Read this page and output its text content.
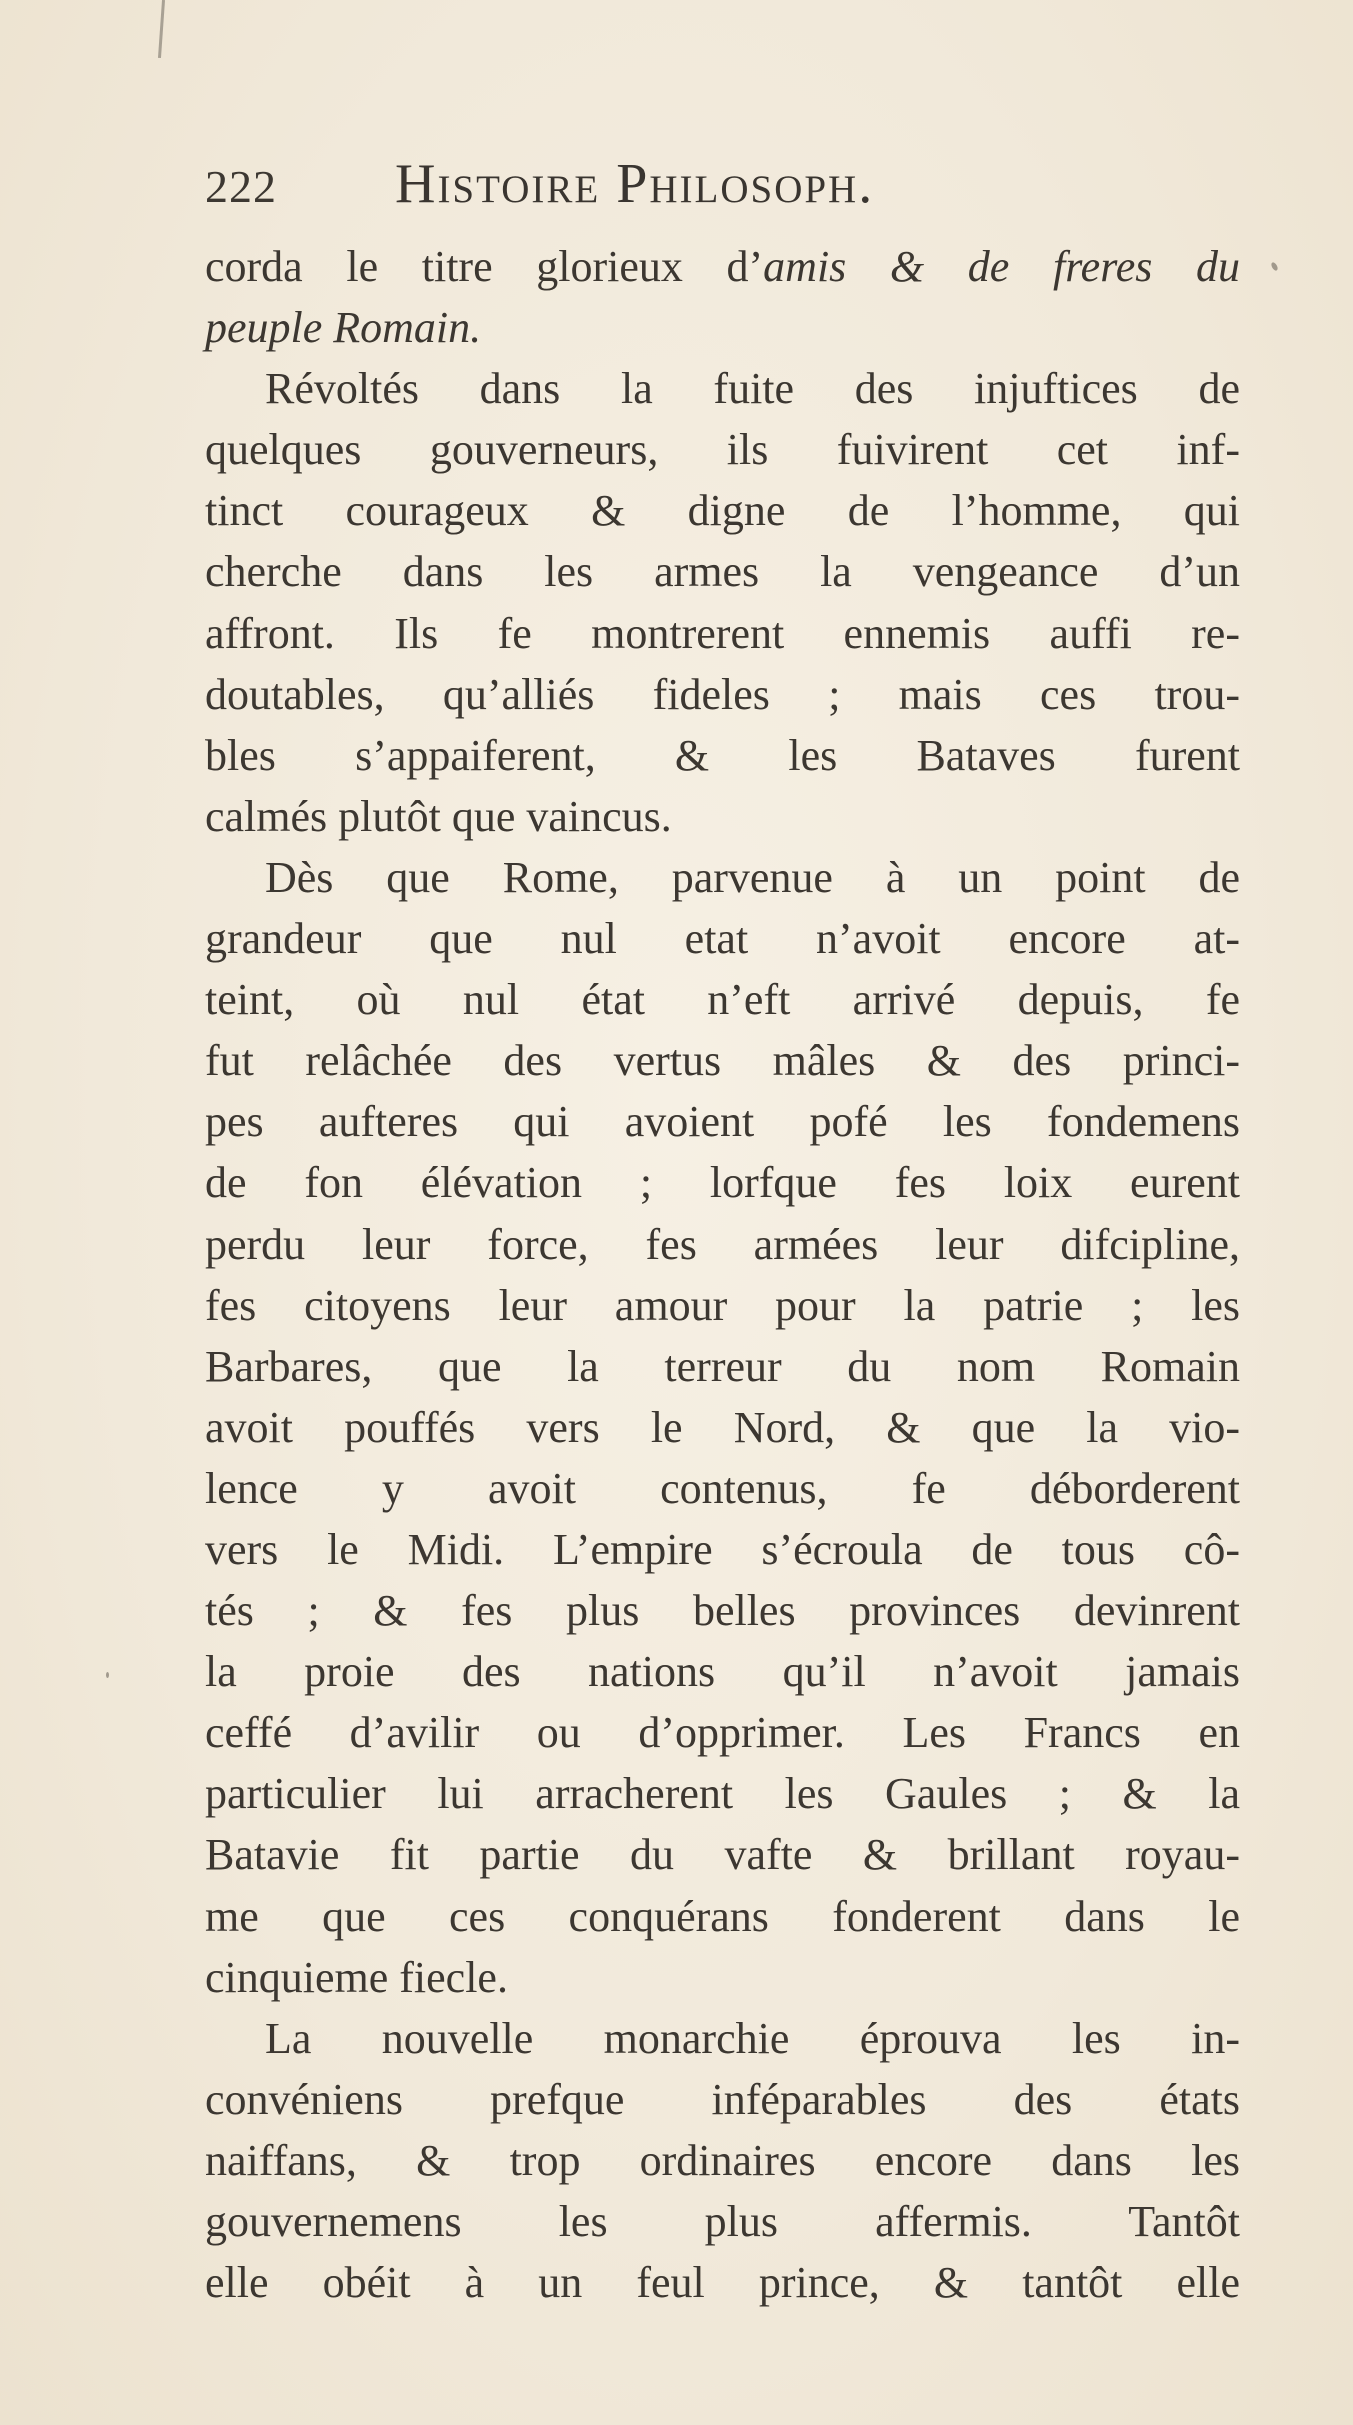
222 Histoire Philosoph.
corda le titre glorieux d’amis & de freres du
peuple Romain.
Révoltés dans la fuite des injuftices de
quelques gouverneurs, ils fuivirent cet inf-
tinct courageux & digne de l’homme, qui
cherche dans les armes la vengeance d’un
affront. Ils fe montrerent ennemis auffi re-
doutables, qu’alliés fideles ; mais ces trou-
bles s’appaiferent, & les Bataves furent
calmés plutôt que vaincus.
Dès que Rome, parvenue à un point de
grandeur que nul etat n’avoit encore at-
teint, où nul état n’eft arrivé depuis, fe
fut relâchée des vertus mâles & des princi-
pes aufteres qui avoient pofé les fondemens
de fon élévation ; lorfque fes loix eurent
perdu leur force, fes armées leur difcipline,
fes citoyens leur amour pour la patrie ; les
Barbares, que la terreur du nom Romain
avoit pouffés vers le Nord, & que la vio-
lence y avoit contenus, fe déborderent
vers le Midi. L’empire s’écroula de tous cô-
tés ; & fes plus belles provinces devinrent
la proie des nations qu’il n’avoit jamais
ceffé d’avilir ou d’opprimer. Les Francs en
particulier lui arracherent les Gaules ; & la
Batavie fit partie du vafte & brillant royau-
me que ces conquérans fonderent dans le
cinquieme fiecle.
La nouvelle monarchie éprouva les in-
convéniens prefque inféparables des états
naiffans, & trop ordinaires encore dans les
gouvernemens les plus affermis. Tantôt
elle obéit à un feul prince, & tantôt elle
